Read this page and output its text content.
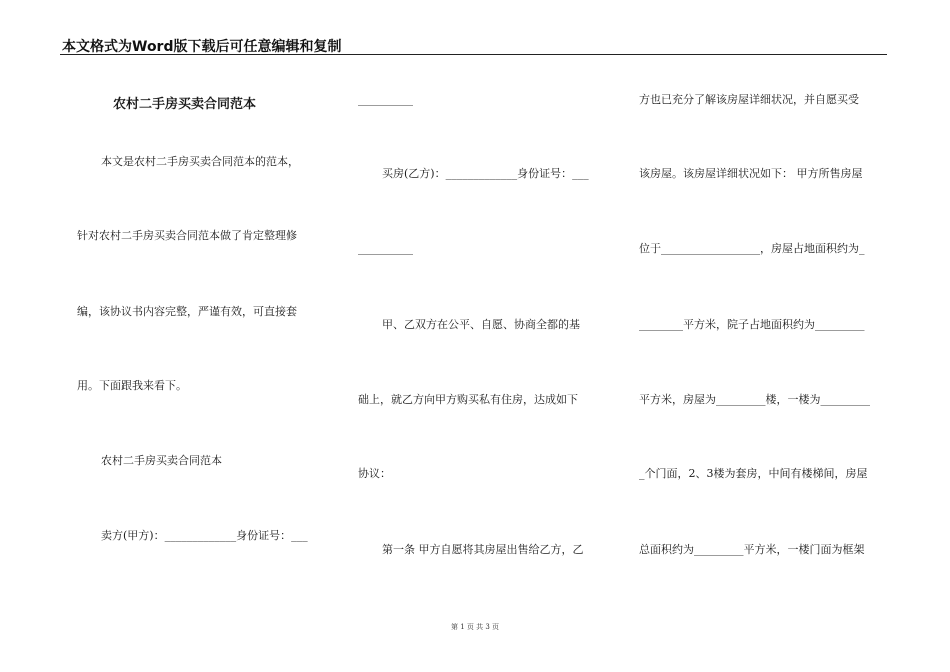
本文格式为Word版下载后可任意编辑和复制
农村二手房买卖合同范本
本文是农村二手房买卖合同范本的范本，
针对农村二手房买卖合同范本做了肯定整理修
编，该协议书内容完整，严谨有效，可直接套
用。下面跟我来看下。
农村二手房买卖合同范本
卖方(甲方)：_____________身份证号：___
__________
买房(乙方)：_____________身份证号：___
__________
甲、乙双方在公平、自愿、协商全都的基
础上，就乙方向甲方购买私有住房，达成如下
协议：
第一条 甲方自愿将其房屋出售给乙方，乙
方也已充分了解该房屋详细状况，并自愿买受
该房屋。该房屋详细状况如下： 甲方所售房屋
位于__________________，房屋占地面积约为_
________平方米，院子占地面积约为_________
平方米，房屋为_________楼，一楼为_________
_个门面，2、3楼为套房，中间有楼梯间，房屋
总面积约为_________平方米，一楼门面为框架
第 1 页 共 3 页
